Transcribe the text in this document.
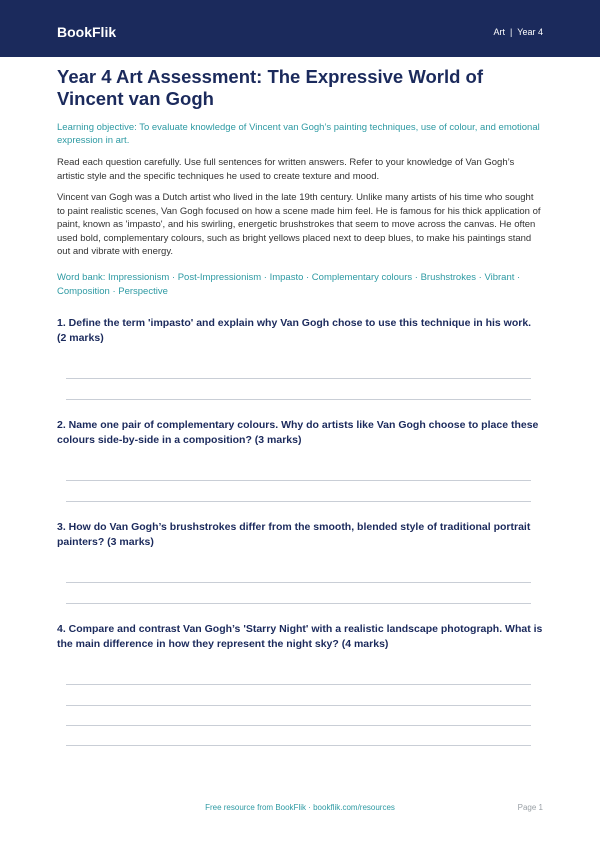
BookFlik	Art | Year 4
Year 4 Art Assessment: The Expressive World of Vincent van Gogh

Learning objective: To evaluate knowledge of Vincent van Gogh’s painting techniques, use of colour, and emotional expression in art.

Read each question carefully. Use full sentences for written answers. Refer to your knowledge of Van Gogh’s artistic style and the specific techniques he used to create texture and mood.

Vincent van Gogh was a Dutch artist who lived in the late 19th century. Unlike many artists of his time who sought to paint realistic scenes, Van Gogh focused on how a scene made him feel. He is famous for his thick application of paint, known as 'impasto', and his swirling, energetic brushstrokes that seem to move across the canvas. He often used bold, complementary colours, such as bright yellows placed next to deep blues, to make his paintings stand out and vibrate with energy.

Word bank: Impressionism · Post-Impressionism · Impasto · Complementary colours · Brushstrokes · Vibrant · Composition · Perspective

1. Define the term 'impasto' and explain why Van Gogh chose to use this technique in his work. (2 marks)

2. Name one pair of complementary colours. Why do artists like Van Gogh choose to place these colours side-by-side in a composition? (3 marks)

3. How do Van Gogh’s brushstrokes differ from the smooth, blended style of traditional portrait painters? (3 marks)

4. Compare and contrast Van Gogh’s 'Starry Night' with a realistic landscape photograph. What is the main difference in how they represent the night sky? (4 marks)

Free resource from BookFlik · bookflik.com/resources	Page 1
